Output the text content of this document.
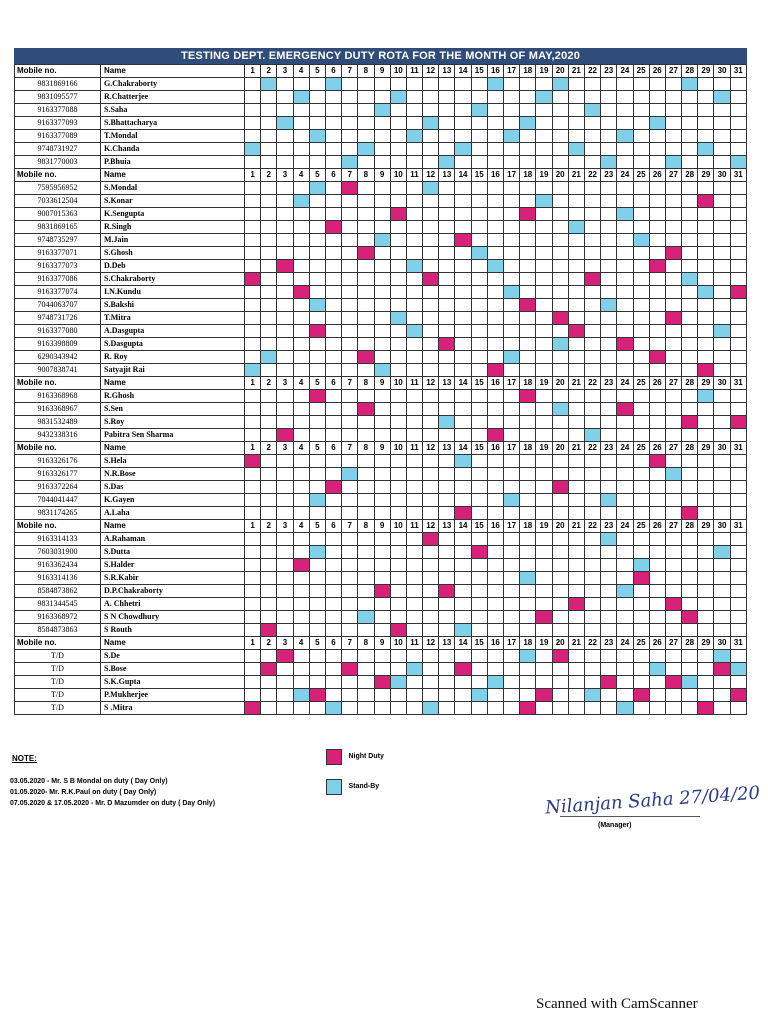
TESTING DEPT. EMERGENCY DUTY ROTA FOR THE MONTH OF MAY,2020
Mobile no.	Name	1	2	3	4	5	6	7	8	9	10	11	12	13	14	15	16	17	18	19	20	21	22	23	24	25	26	27	28	29	30	31
9831869166	G.Chakraborty																															
9831095577	R.Chatterjee																															
9163377088	S.Saha																															
9163377093	S.Bhattacharya																															
9163377089	T.Mondal																															
9748731927	K.Chanda																															
9831770003	P.Bhuia																															
Mobile no.	Name	1	2	3	4	5	6	7	8	9	10	11	12	13	14	15	16	17	18	19	20	21	22	23	24	25	26	27	28	29	30	31
7595956952	S.Mondal																															
7033612504	S.Konar																															
9007015363	K.Sengupta																															
9831869165	R.Singh																															
9748735297	M.Jain																															
9163377071	S.Ghosh																															
9163377073	D.Deb																															
9163377086	S.Chakraborty																															
9163377074	I.N.Kundu																															
7044063707	S.Bakshi																															
9748731726	T.Mitra																															
9163377080	A.Dasgupta																															
9163398809	S.Dasgupta																															
6290343942	R. Roy																															
9007838741	Satyajit Rai																															
Mobile no.	Name	1	2	3	4	5	6	7	8	9	10	11	12	13	14	15	16	17	18	19	20	21	22	23	24	25	26	27	28	29	30	31
9163368968	R.Ghosh																															
9163368967	S.Sen																															
9831532489	S.Roy																															
9432338316	Pabitra Sen Sharma																															
Mobile no.	Name	1	2	3	4	5	6	7	8	9	10	11	12	13	14	15	16	17	18	19	20	21	22	23	24	25	26	27	28	29	30	31
9163326176	S.Hela																															
9163326177	N.R.Bose																															
9163372264	S.Das																															
7044041447	K.Gayen																															
9831174265	A.Laha																															
Mobile no.	Name	1	2	3	4	5	6	7	8	9	10	11	12	13	14	15	16	17	18	19	20	21	22	23	24	25	26	27	28	29	30	31
9163314133	A.Rahaman																															
7603031900	S.Dutta																															
9163362434	S.Halder																															
9163314136	S.R.Kabir																															
8584873862	D.P.Chakraborty																															
9831344545	A. Chhetri																															
9163368972	S N Chowdhury																															
8584873863	S Routh																															
Mobile no.	Name	1	2	3	4	5	6	7	8	9	10	11	12	13	14	15	16	17	18	19	20	21	22	23	24	25	26	27	28	29	30	31
T/D	S.De																															
T/D	S.Bose																															
T/D	S.K.Gupta																															
T/D	P.Mukherjee																															
T/D	S .Mitra																															
Night Duty
Stand-By
NOTE:
03.05.2020 - Mr. S B Mondal on duty ( Day Only)
01.05.2020- Mr. R.K.Paul on duty ( Day Only)
07.05.2020 & 17.05.2020 - Mr. D Mazumder on duty ( Day Only)	Nilanjan Saha 27/04/20
(Manager)
Scanned with CamScanner
